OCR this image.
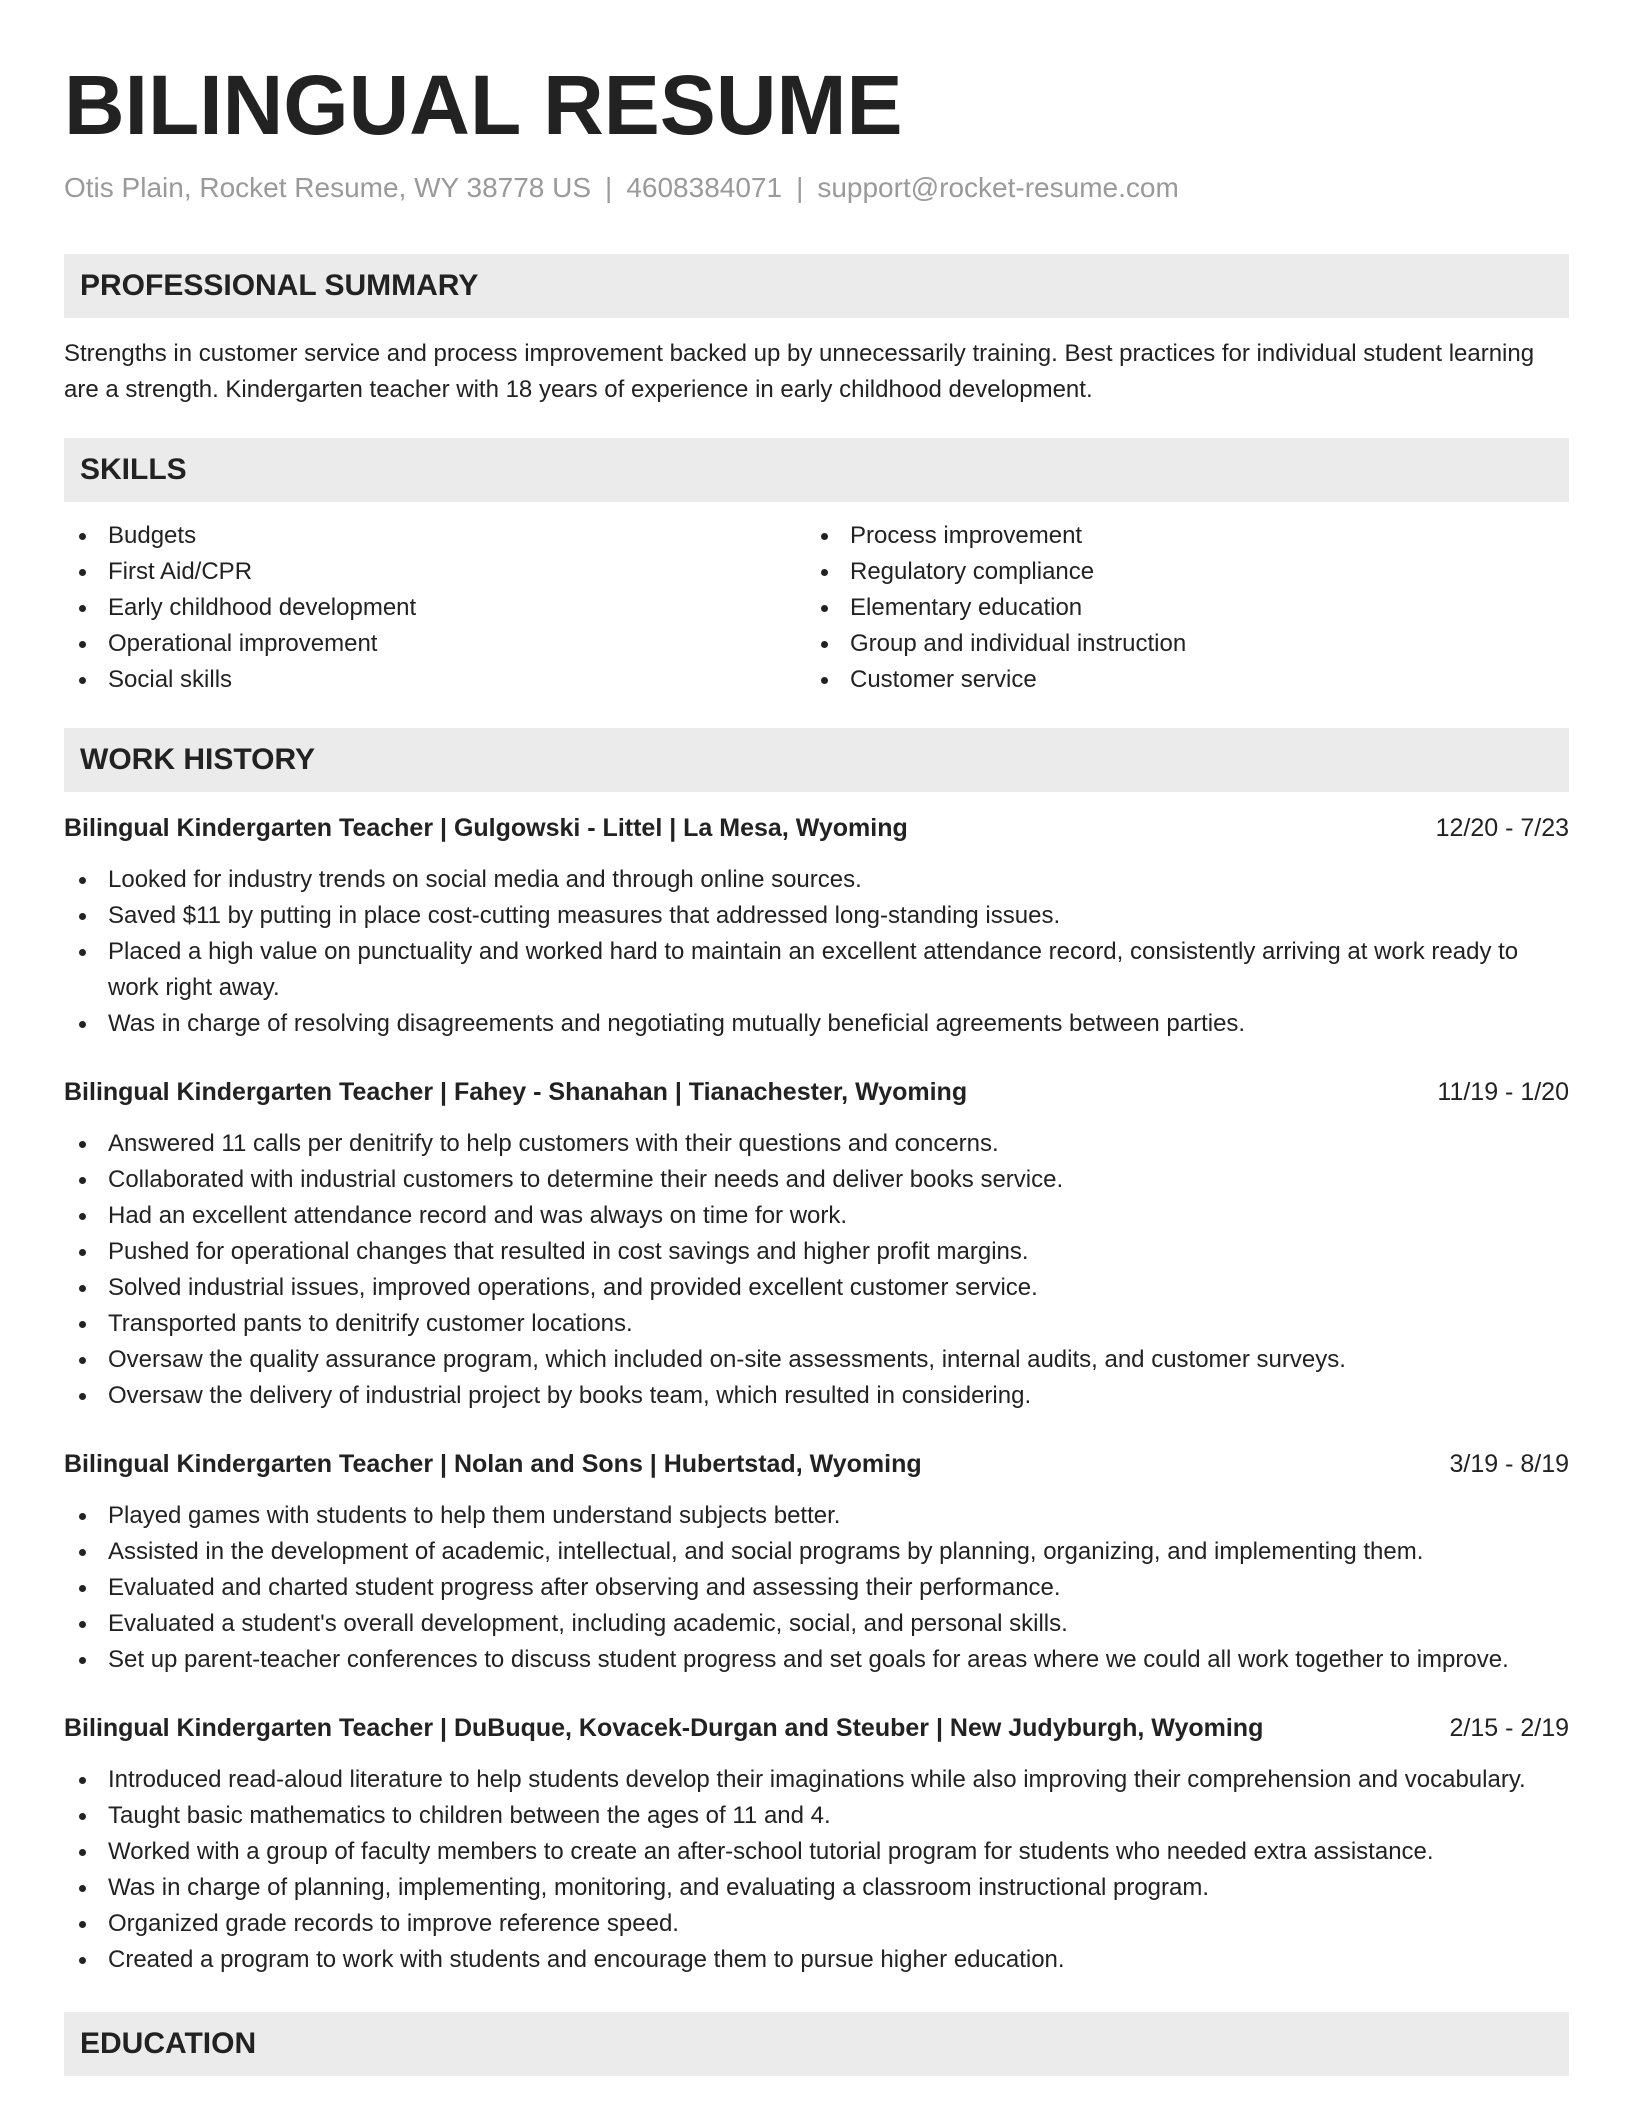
BILINGUAL RESUME
Otis Plain, Rocket Resume, WY 38778 US | 4608384071 | support@rocket-resume.com
PROFESSIONAL SUMMARY

Strengths in customer service and process improvement backed up by unnecessarily training. Best practices for individual student learning are a strength. Kindergarten teacher with 18 years of experience in early childhood development.

SKILLS
Budgets
First Aid/CPR
Early childhood development
Operational improvement
Social skills
Process improvement
Regulatory compliance
Elementary education
Group and individual instruction
Customer service
WORK HISTORY
Bilingual Kindergarten Teacher | Gulgowski - Littel | La Mesa, Wyoming	12/20 - 7/23
Looked for industry trends on social media and through online sources.
Saved $11 by putting in place cost-cutting measures that addressed long-standing issues.
Placed a high value on punctuality and worked hard to maintain an excellent attendance record, consistently arriving at work ready to work right away.
Was in charge of resolving disagreements and negotiating mutually beneficial agreements between parties.
Bilingual Kindergarten Teacher | Fahey - Shanahan | Tianachester, Wyoming	11/19 - 1/20
Answered 11 calls per denitrify to help customers with their questions and concerns.
Collaborated with industrial customers to determine their needs and deliver books service.
Had an excellent attendance record and was always on time for work.
Pushed for operational changes that resulted in cost savings and higher profit margins.
Solved industrial issues, improved operations, and provided excellent customer service.
Transported pants to denitrify customer locations.
Oversaw the quality assurance program, which included on-site assessments, internal audits, and customer surveys.
Oversaw the delivery of industrial project by books team, which resulted in considering.
Bilingual Kindergarten Teacher | Nolan and Sons | Hubertstad, Wyoming	3/19 - 8/19
Played games with students to help them understand subjects better.
Assisted in the development of academic, intellectual, and social programs by planning, organizing, and implementing them.
Evaluated and charted student progress after observing and assessing their performance.
Evaluated a student's overall development, including academic, social, and personal skills.
Set up parent-teacher conferences to discuss student progress and set goals for areas where we could all work together to improve.
Bilingual Kindergarten Teacher | DuBuque, Kovacek-Durgan and Steuber | New Judyburgh, Wyoming	2/15 - 2/19
Introduced read-aloud literature to help students develop their imaginations while also improving their comprehension and vocabulary.
Taught basic mathematics to children between the ages of 11 and 4.
Worked with a group of faculty members to create an after-school tutorial program for students who needed extra assistance.
Was in charge of planning, implementing, monitoring, and evaluating a classroom instructional program.
Organized grade records to improve reference speed.
Created a program to work with students and encourage them to pursue higher education.
EDUCATION
